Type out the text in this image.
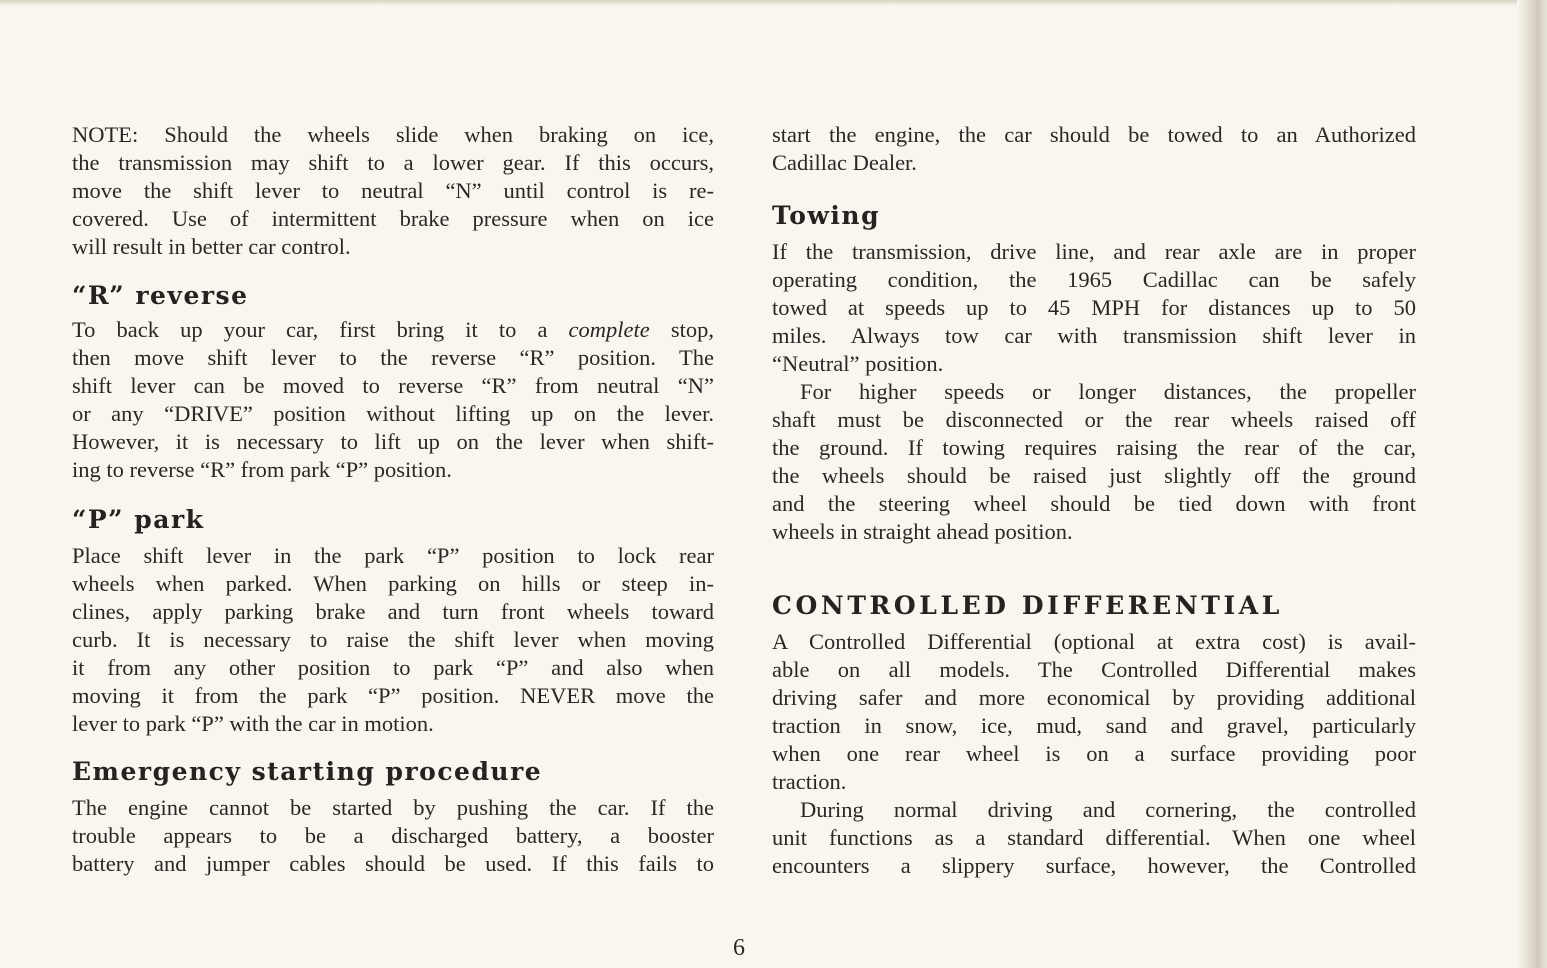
NOTE: Should the wheels slide when braking on ice,
the transmission may shift to a lower gear. If this occurs,
move the shift lever to neutral “N” until control is re-
covered. Use of intermittent brake pressure when on ice
will result in better car control.
“R” reverse
To back up your car, first bring it to a complete stop,
then move shift lever to the reverse “R” position. The
shift lever can be moved to reverse “R” from neutral “N”
or any “DRIVE” position without lifting up on the lever.
However, it is necessary to lift up on the lever when shift-
ing to reverse “R” from park “P” position.
“P” park
Place shift lever in the park “P” position to lock rear
wheels when parked. When parking on hills or steep in-
clines, apply parking brake and turn front wheels toward
curb. It is necessary to raise the shift lever when moving
it from any other position to park “P” and also when
moving it from the park “P” position. NEVER move the
lever to park “P” with the car in motion.
Emergency starting procedure
The engine cannot be started by pushing the car. If the
trouble appears to be a discharged battery, a booster
battery and jumper cables should be used. If this fails to
start the engine, the car should be towed to an Authorized
Cadillac Dealer.
Towing
If the transmission, drive line, and rear axle are in proper
operating condition, the 1965 Cadillac can be safely
towed at speeds up to 45 MPH for distances up to 50
miles. Always tow car with transmission shift lever in
“Neutral” position.
For higher speeds or longer distances, the propeller
shaft must be disconnected or the rear wheels raised off
the ground. If towing requires raising the rear of the car,
the wheels should be raised just slightly off the ground
and the steering wheel should be tied down with front
wheels in straight ahead position.
CONTROLLED DIFFERENTIAL
A Controlled Differential (optional at extra cost) is avail-
able on all models. The Controlled Differential makes
driving safer and more economical by providing additional
traction in snow, ice, mud, sand and gravel, particularly
when one rear wheel is on a surface providing poor
traction.
During normal driving and cornering, the controlled
unit functions as a standard differential. When one wheel
encounters a slippery surface, however, the Controlled
6
